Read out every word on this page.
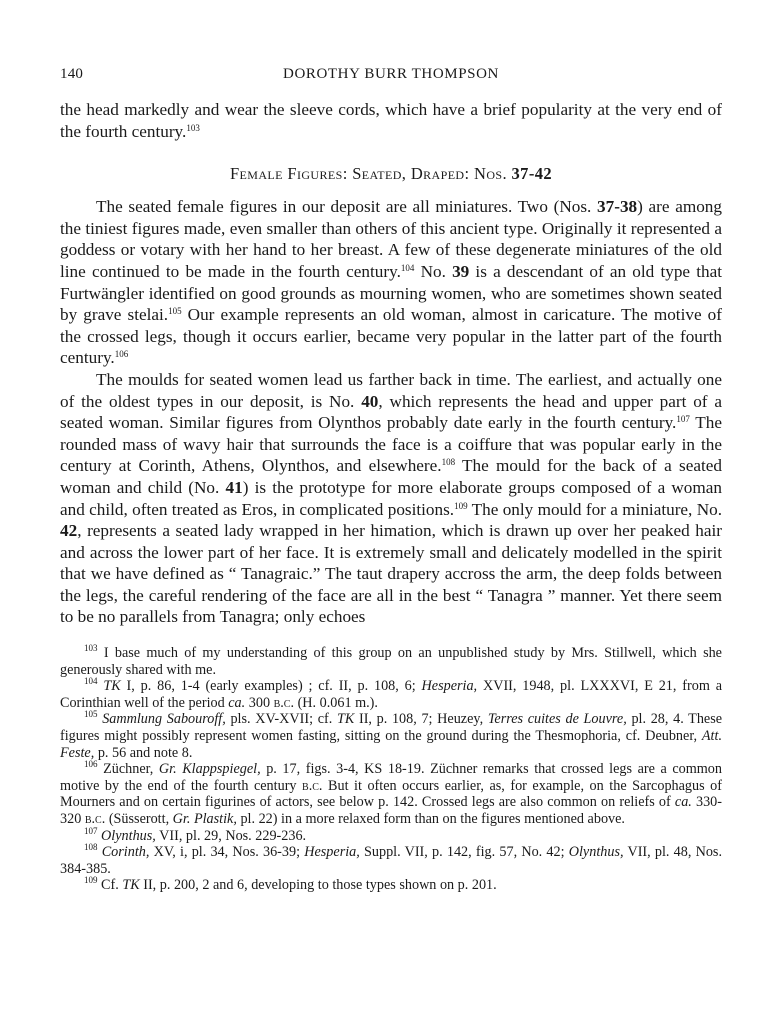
140	DOROTHY BURR THOMPSON

the head markedly and wear the sleeve cords, which have a brief popularity at the very end of the fourth century.$^{103}$

Female Figures: Seated, Draped: Nos. 37-42

The seated female figures in our deposit are all miniatures. Two (Nos. 37-38) are among the tiniest figures made, even smaller than others of this ancient type. Originally it represented a goddess or votary with her hand to her breast. A few of these degenerate miniatures of the old line continued to be made in the fourth century.$^{104}$ No. 39 is a descendant of an old type that Furtwängler identified on good grounds as mourning women, who are sometimes shown seated by grave stelai.$^{105}$ Our example represents an old woman, almost in caricature. The motive of the crossed legs, though it occurs earlier, became very popular in the latter part of the fourth century.$^{106}$

The moulds for seated women lead us farther back in time. The earliest, and actually one of the oldest types in our deposit, is No. 40, which represents the head and upper part of a seated woman. Similar figures from Olynthos probably date early in the fourth century.$^{107}$ The rounded mass of wavy hair that surrounds the face is a coiffure that was popular early in the century at Corinth, Athens, Olynthos, and elsewhere.$^{108}$ The mould for the back of a seated woman and child (No. 41) is the prototype for more elaborate groups composed of a woman and child, often treated as Eros, in complicated positions.$^{109}$ The only mould for a miniature, No. 42, represents a seated lady wrapped in her himation, which is drawn up over her peaked hair and across the lower part of her face. It is extremely small and delicately modelled in the spirit that we have defined as “ Tanagraic.” The taut drapery accross the arm, the deep folds between the legs, the careful rendering of the face are all in the best “ Tanagra ” manner. Yet there seem to be no parallels from Tanagra; only echoes

$^{103}$ I base much of my understanding of this group on an unpublished study by Mrs. Stillwell, which she generously shared with me.

$^{104}$ TK I, p. 86, 1-4 (early examples) ; cf. II, p. 108, 6; Hesperia, XVII, 1948, pl. LXXXVI, E 21, from a Corinthian well of the period ca. 300 b.c. (H. 0.061 m.).

$^{105}$ Sammlung Sabouroff, pls. XV-XVII; cf. TK II, p. 108, 7; Heuzey, Terres cuites de Louvre, pl. 28, 4. These figures might possibly represent women fasting, sitting on the ground during the Thesmophoria, cf. Deubner, Att. Feste, p. 56 and note 8.

$^{106}$ Züchner, Gr. Klappspiegel, p. 17, figs. 3-4, KS 18-19. Züchner remarks that crossed legs are a common motive by the end of the fourth century b.c. But it often occurs earlier, as, for example, on the Sarcophagus of Mourners and on certain figurines of actors, see below p. 142. Crossed legs are also common on reliefs of ca. 330-320 b.c. (Süsserott, Gr. Plastik, pl. 22) in a more relaxed form than on the figures mentioned above.

$^{107}$ Olynthus, VII, pl. 29, Nos. 229-236.

$^{108}$ Corinth, XV, i, pl. 34, Nos. 36-39; Hesperia, Suppl. VII, p. 142, fig. 57, No. 42; Olynthus, VII, pl. 48, Nos. 384-385.

$^{109}$ Cf. TK II, p. 200, 2 and 6, developing to those types shown on p. 201.
